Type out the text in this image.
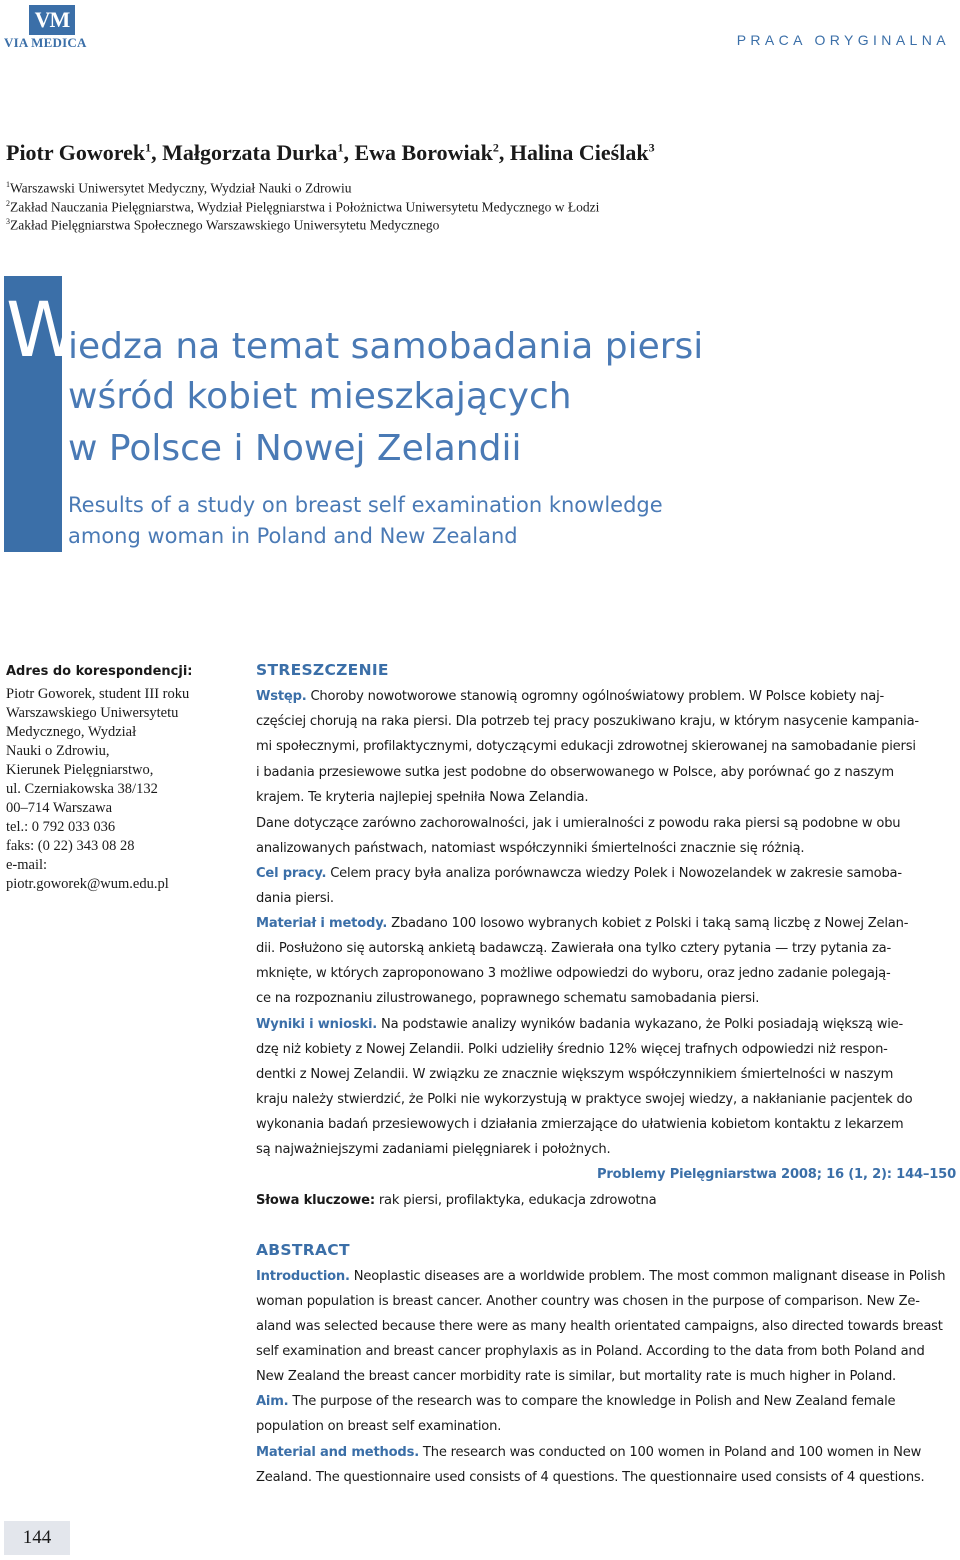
VM
VIA MEDICA	PRACA ORYGINALNA
Piotr Goworek$^1$, Małgorzata Durka$^1$, Ewa Borowiak$^2$, Halina Cieślak$^3$
$^1$Warszawski Uniwersytet Medyczny, Wydział Nauki o Zdrowiu
$^2$Zakład Nauczania Pielęgniarstwa, Wydział Pielęgniarstwa i Położnictwa Uniwersytetu Medycznego w Łodzi
$^3$Zakład Pielęgniarstwa Społecznego Warszawskiego Uniwersytetu Medycznego
W
iedza na temat samobadania piersi
wśród kobiet mieszkających
w Polsce i Nowej Zelandii
Results of a study on breast self examination knowledge
among woman in Poland and New Zealand
Adres do korespondencji:
Piotr Goworek, student III roku
Warszawskiego Uniwersytetu
Medycznego, Wydział
Nauki o Zdrowiu,
Kierunek Pielęgniarstwo,
ul. Czerniakowska 38/132
00–714 Warszawa
tel.: 0 792 033 036
faks: (0 22) 343 08 28
e-mail:
piotr.goworek@wum.edu.pl
STRESZCZENIE
Wstęp. Choroby nowotworowe stanowią ogromny ogólnoświatowy problem. W Polsce kobiety naj-
częściej chorują na raka piersi. Dla potrzeb tej pracy poszukiwano kraju, w którym nasycenie kampania-
mi społecznymi, profilaktycznymi, dotyczącymi edukacji zdrowotnej skierowanej na samobadanie piersi
i badania przesiewowe sutka jest podobne do obserwowanego w Polsce, aby porównać go z naszym
krajem. Te kryteria najlepiej spełniła Nowa Zelandia.
Dane dotyczące zarówno zachorowalności, jak i umieralności z powodu raka piersi są podobne w obu
analizowanych państwach, natomiast współczynniki śmiertelności znacznie się różnią.
Cel pracy. Celem pracy była analiza porównawcza wiedzy Polek i Nowozelandek w zakresie samoba-
dania piersi.
Materiał i metody. Zbadano 100 losowo wybranych kobiet z Polski i taką samą liczbę z Nowej Zelan-
dii. Posłużono się autorską ankietą badawczą. Zawierała ona tylko cztery pytania — trzy pytania za-
mknięte, w których zaproponowano 3 możliwe odpowiedzi do wyboru, oraz jedno zadanie polegają-
ce na rozpoznaniu zilustrowanego, poprawnego schematu samobadania piersi.
Wyniki i wnioski. Na podstawie analizy wyników badania wykazano, że Polki posiadają większą wie-
dzę niż kobiety z Nowej Zelandii. Polki udzieliły średnio 12% więcej trafnych odpowiedzi niż respon-
dentki z Nowej Zelandii. W związku ze znacznie większym współczynnikiem śmiertelności w naszym
kraju należy stwierdzić, że Polki nie wykorzystują w praktyce swojej wiedzy, a nakłanianie pacjentek do
wykonania badań przesiewowych i działania zmierzające do ułatwienia kobietom kontaktu z lekarzem
są najważniejszymi zadaniami pielęgniarek i położnych.
Problemy Pielęgniarstwa 2008; 16 (1, 2): 144–150
Słowa kluczowe: rak piersi, profilaktyka, edukacja zdrowotna
ABSTRACT
Introduction. Neoplastic diseases are a worldwide problem. The most common malignant disease in Polish
woman population is breast cancer. Another country was chosen in the purpose of comparison. New Ze-
aland was selected because there were as many health orientated campaigns, also directed towards breast
self examination and breast cancer prophylaxis as in Poland. According to the data from both Poland and
New Zealand the breast cancer morbidity rate is similar, but mortality rate is much higher in Poland.
Aim. The purpose of the research was to compare the knowledge in Polish and New Zealand female
population on breast self examination.
Material and methods. The research was conducted on 100 women in Poland and 100 women in New
Zealand. The questionnaire used consists of 4 questions. The questionnaire used consists of 4 questions.
144
